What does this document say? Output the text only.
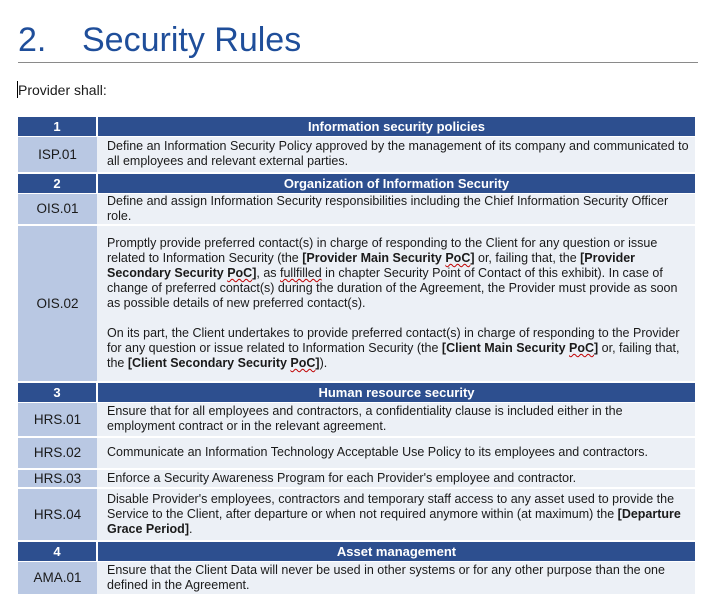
2. Security Rules
Provider shall:
1	Information security policies
ISP.01	Define an Information Security Policy approved by the management of its company and communicated to all employees and relevant external parties.
2	Organization of Information Security
OIS.01	Define and assign Information Security responsibilities including the Chief Information Security Officer role.
OIS.02	Promptly provide preferred contact(s) in charge of responding to the Client for any question or issue related to Information Security (the [Provider Main Security PoC] or, failing that, the [Provider Secondary Security PoC], as fullfilled in chapter Security Point of Contact of this exhibit). In case of change of preferred contact(s) during the duration of the Agreement, the Provider must provide as soon as possible details of new preferred contact(s).

On its part, the Client undertakes to provide preferred contact(s) in charge of responding to the Provider for any question or issue related to Information Security (the [Client Main Security PoC] or, failing that, the [Client Secondary Security PoC]).

3	Human resource security
HRS.01	Ensure that for all employees and contractors, a confidentiality clause is included either in the employment contract or in the relevant agreement.
HRS.02	Communicate an Information Technology Acceptable Use Policy to its employees and contractors.
HRS.03	Enforce a Security Awareness Program for each Provider's employee and contractor.
HRS.04	Disable Provider's employees, contractors and temporary staff access to any asset used to provide the Service to the Client, after departure or when not required anymore within (at maximum) the [Departure Grace Period].
4	Asset management
AMA.01	Ensure that the Client Data will never be used in other systems or for any other purpose than the one defined in the Agreement.
